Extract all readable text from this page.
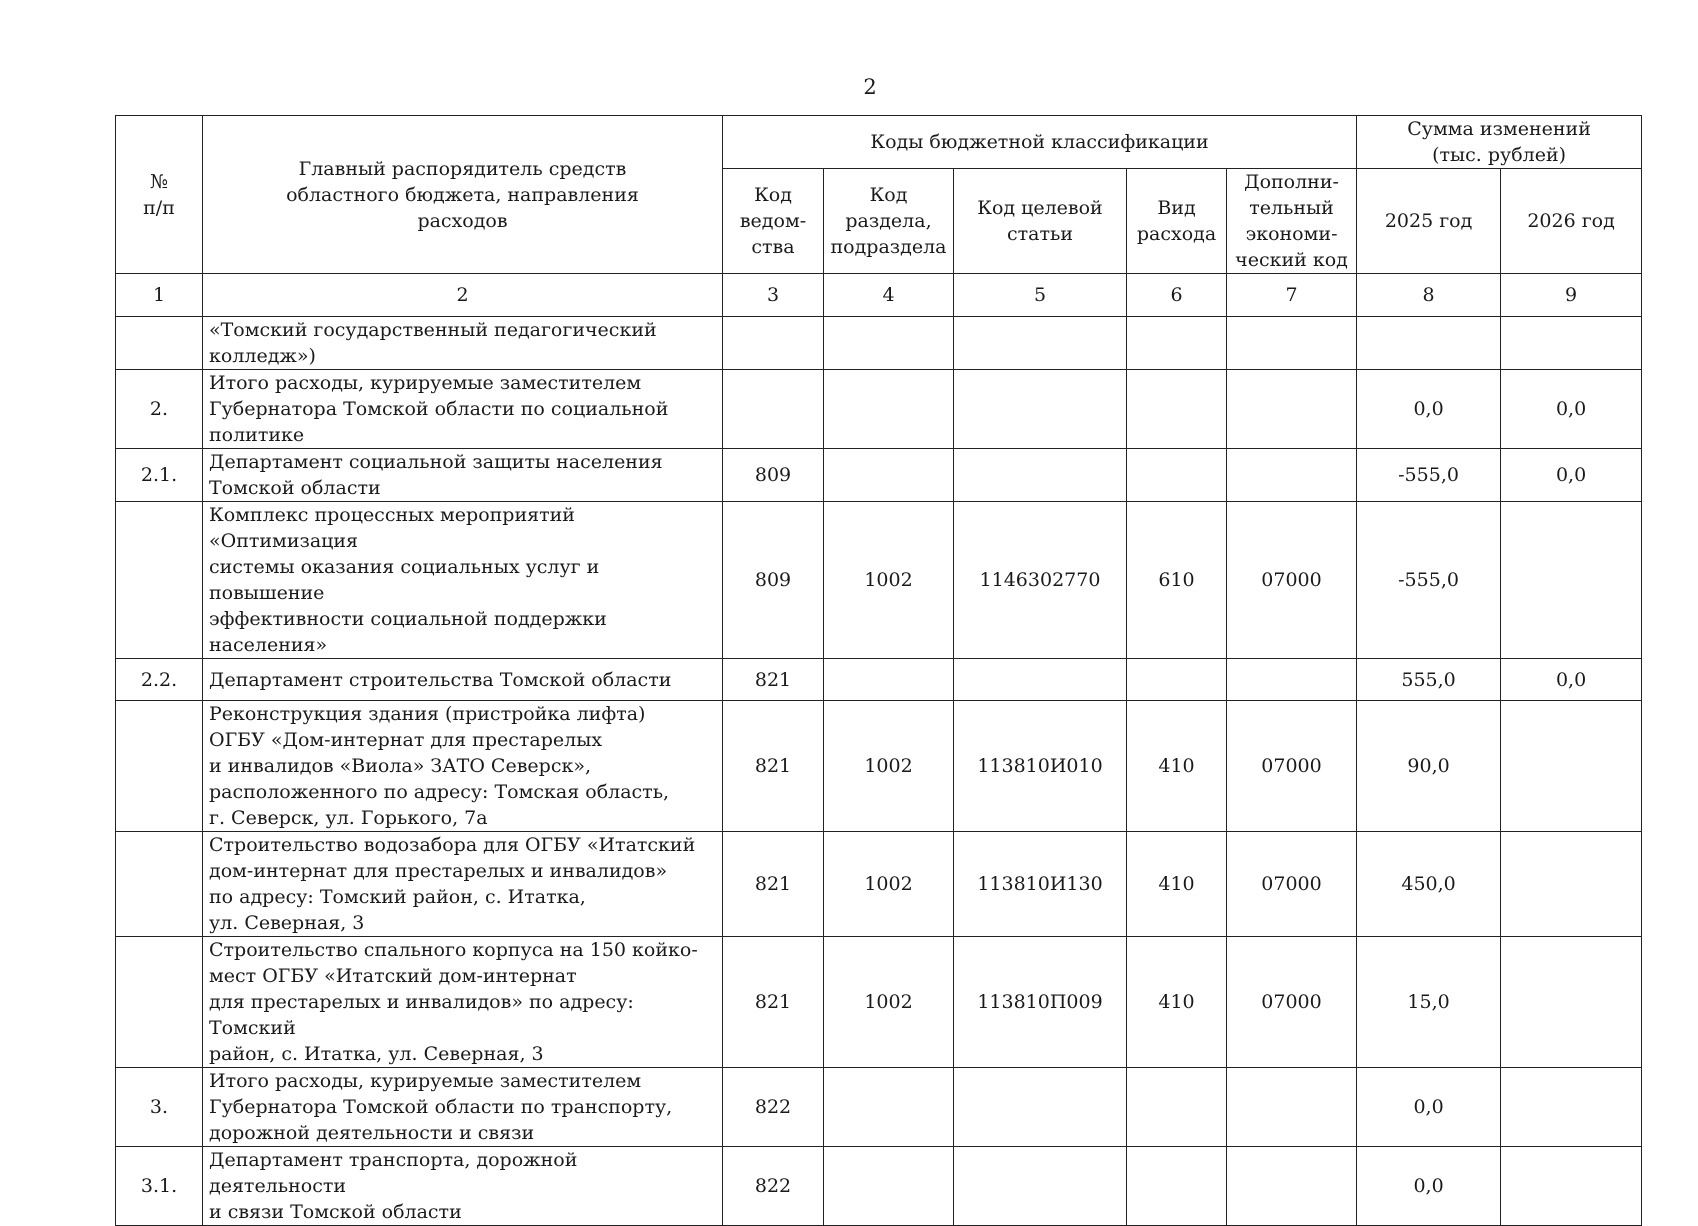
2
№
п/п	Главный распорядитель средств областного бюджета, направления расходов	Коды бюджетной классификации					Сумма изменений
(тыс. рублей)	
		Код
ведом-
ства	Код
раздела,
подраздела	Код целевой
статьи	Вид
расхода	Дополни-
тельный
экономи-
ческий код	2025 год	2026 год
1	2	3	4	5	6	7	8	9
	«Томский государственный педагогический
колледж»)							
2.	Итого расходы, курируемые заместителем
Губернатора Томской области по социальной
политике						0,0	0,0
2.1.	Департамент социальной защиты населения
Томской области	809					-555,0	0,0
	Комплекс процессных мероприятий «Оптимизация
системы оказания социальных услуг и повышение
эффективности социальной поддержки населения»	809	1002	1146302770	610	07000	-555,0	
2.2.	Департамент строительства Томской области	821					555,0	0,0
	Реконструкция здания (пристройка лифта)
ОГБУ «Дом-интернат для престарелых
и инвалидов «Виола» ЗАТО Северск»,
расположенного по адресу: Томская область,
г. Северск, ул. Горького, 7а	821	1002	113810И010	410	07000	90,0	
	Строительство водозабора для ОГБУ «Итатский
дом-интернат для престарелых и инвалидов»
по адресу: Томский район, с. Итатка,
ул. Северная, 3	821	1002	113810И130	410	07000	450,0	
	Строительство спального корпуса на 150 койко-
мест ОГБУ «Итатский дом-интернат
для престарелых и инвалидов» по адресу: Томский
район, с. Итатка, ул. Северная, 3	821	1002	113810П009	410	07000	15,0	
3.	Итого расходы, курируемые заместителем
Губернатора Томской области по транспорту,
дорожной деятельности и связи	822					0,0	
3.1.	Департамент транспорта, дорожной деятельности
и связи Томской области	822					0,0	
